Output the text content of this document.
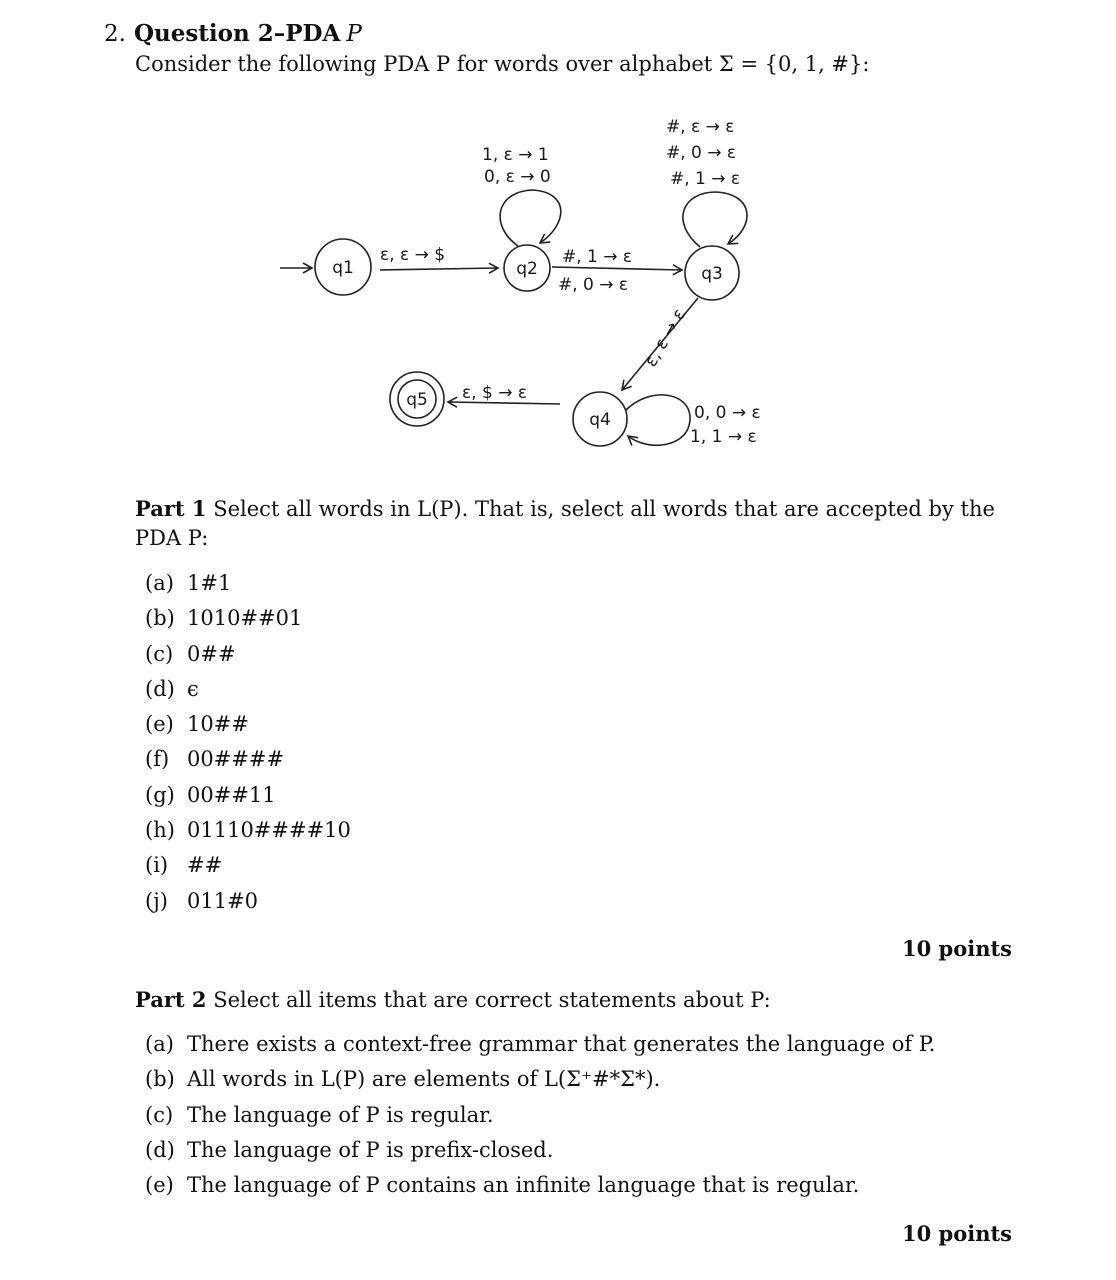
2. Question 2–PDA P
Consider the following PDA P for words over alphabet Σ = {0, 1, #}:
q1	q2	q3
q4
q5
ε, ε → $
1, ε → 1
0, ε → 0
#, 1 → ε
#, 0 → ε
#, ε → ε
#, 0 → ε
#, 1 → ε
ε, ε → ε
0, 0 → ε
1, 1 → ε
ε, $ → ε
Part 1 Select all words in L(P). That is, select all words that are accepted by the PDA P:
(a) 1#1
(b) 1010##01
(c) 0##
(d) ϵ
(e) 10##
(f) 00####
(g) 00##11
(h) 01110####10
(i) ##
(j) 011#0
10 points
Part 2 Select all items that are correct statements about P:
(a) There exists a context-free grammar that generates the language of P.
(b) All words in L(P) are elements of L(Σ⁺#*Σ*).
(c) The language of P is regular.
(d) The language of P is prefix-closed.
(e) The language of P contains an infinite language that is regular.
10 points
